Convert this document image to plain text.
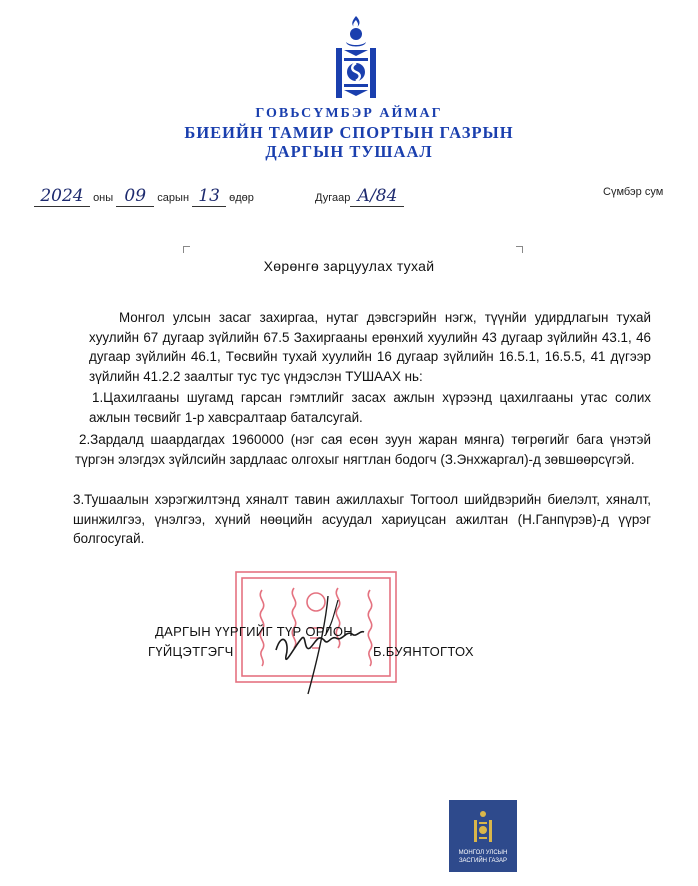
ГОВЬСҮМБЭР АЙМАГ
БИЕИЙН ТАМИР СПОРТЫН ГАЗРЫН
ДАРГЫН ТУШААЛ
2024 оны 09 сарын 13 өдөр	Дугаар А/84	Сүмбэр сум
Хөрөнгө зарцуулах тухай

Монгол улсын засаг захиргаа, нутаг дэвсгэрийн нэгж, түүнйи удирдлагын тухай хуулийн 67 дугаар зүйлийн 67.5 Захиргааны ерөнхий хуулийн 43 дугаар зүйлийн 43.1, 46 дугаар зүйлийн 46.1, Төсвийн тухай хуулийн 16 дугаар зүйлийн 16.5.1, 16.5.5, 41 дүгээр зүйлийн 41.2.2 заалтыг тус тус үндэслэн ТУШААХ нь:

1.Цахилгааны шугамд гарсан гэмтлийг засах ажлын хүрээнд цахилгааны утас солих ажлын төсвийг 1-р хавсралтаар баталсугай.

2.Зардалд шаардагдах 1960000 (нэг сая есөн зуун жаран мянга) төгрөгийг бага үнэтэй түргэн элэгдэх зүйлсийн зардлаас олгохыг нягтлан бодогч (З.Энхжаргал)-д зөвшөөрсүгэй.

3.Тушаалын хэрэгжилтэнд хяналт тавин ажиллахыг Тогтоол шийдвэрийн биелэлт, хяналт, шинжилгээ, үнэлгээ, хүний нөөцийн асуудал хариуцсан ажилтан (Н.Ганпүрэв)-д үүрэг болгосугай.

ДАРГЫН ҮҮРГИЙГ ТҮР ОРЛОН
ГҮЙЦЭТГЭГЧ	Б.БУЯНТОГТОХ
МОНГОЛ УЛСЫН
ЗАСГИЙН ГАЗАР
